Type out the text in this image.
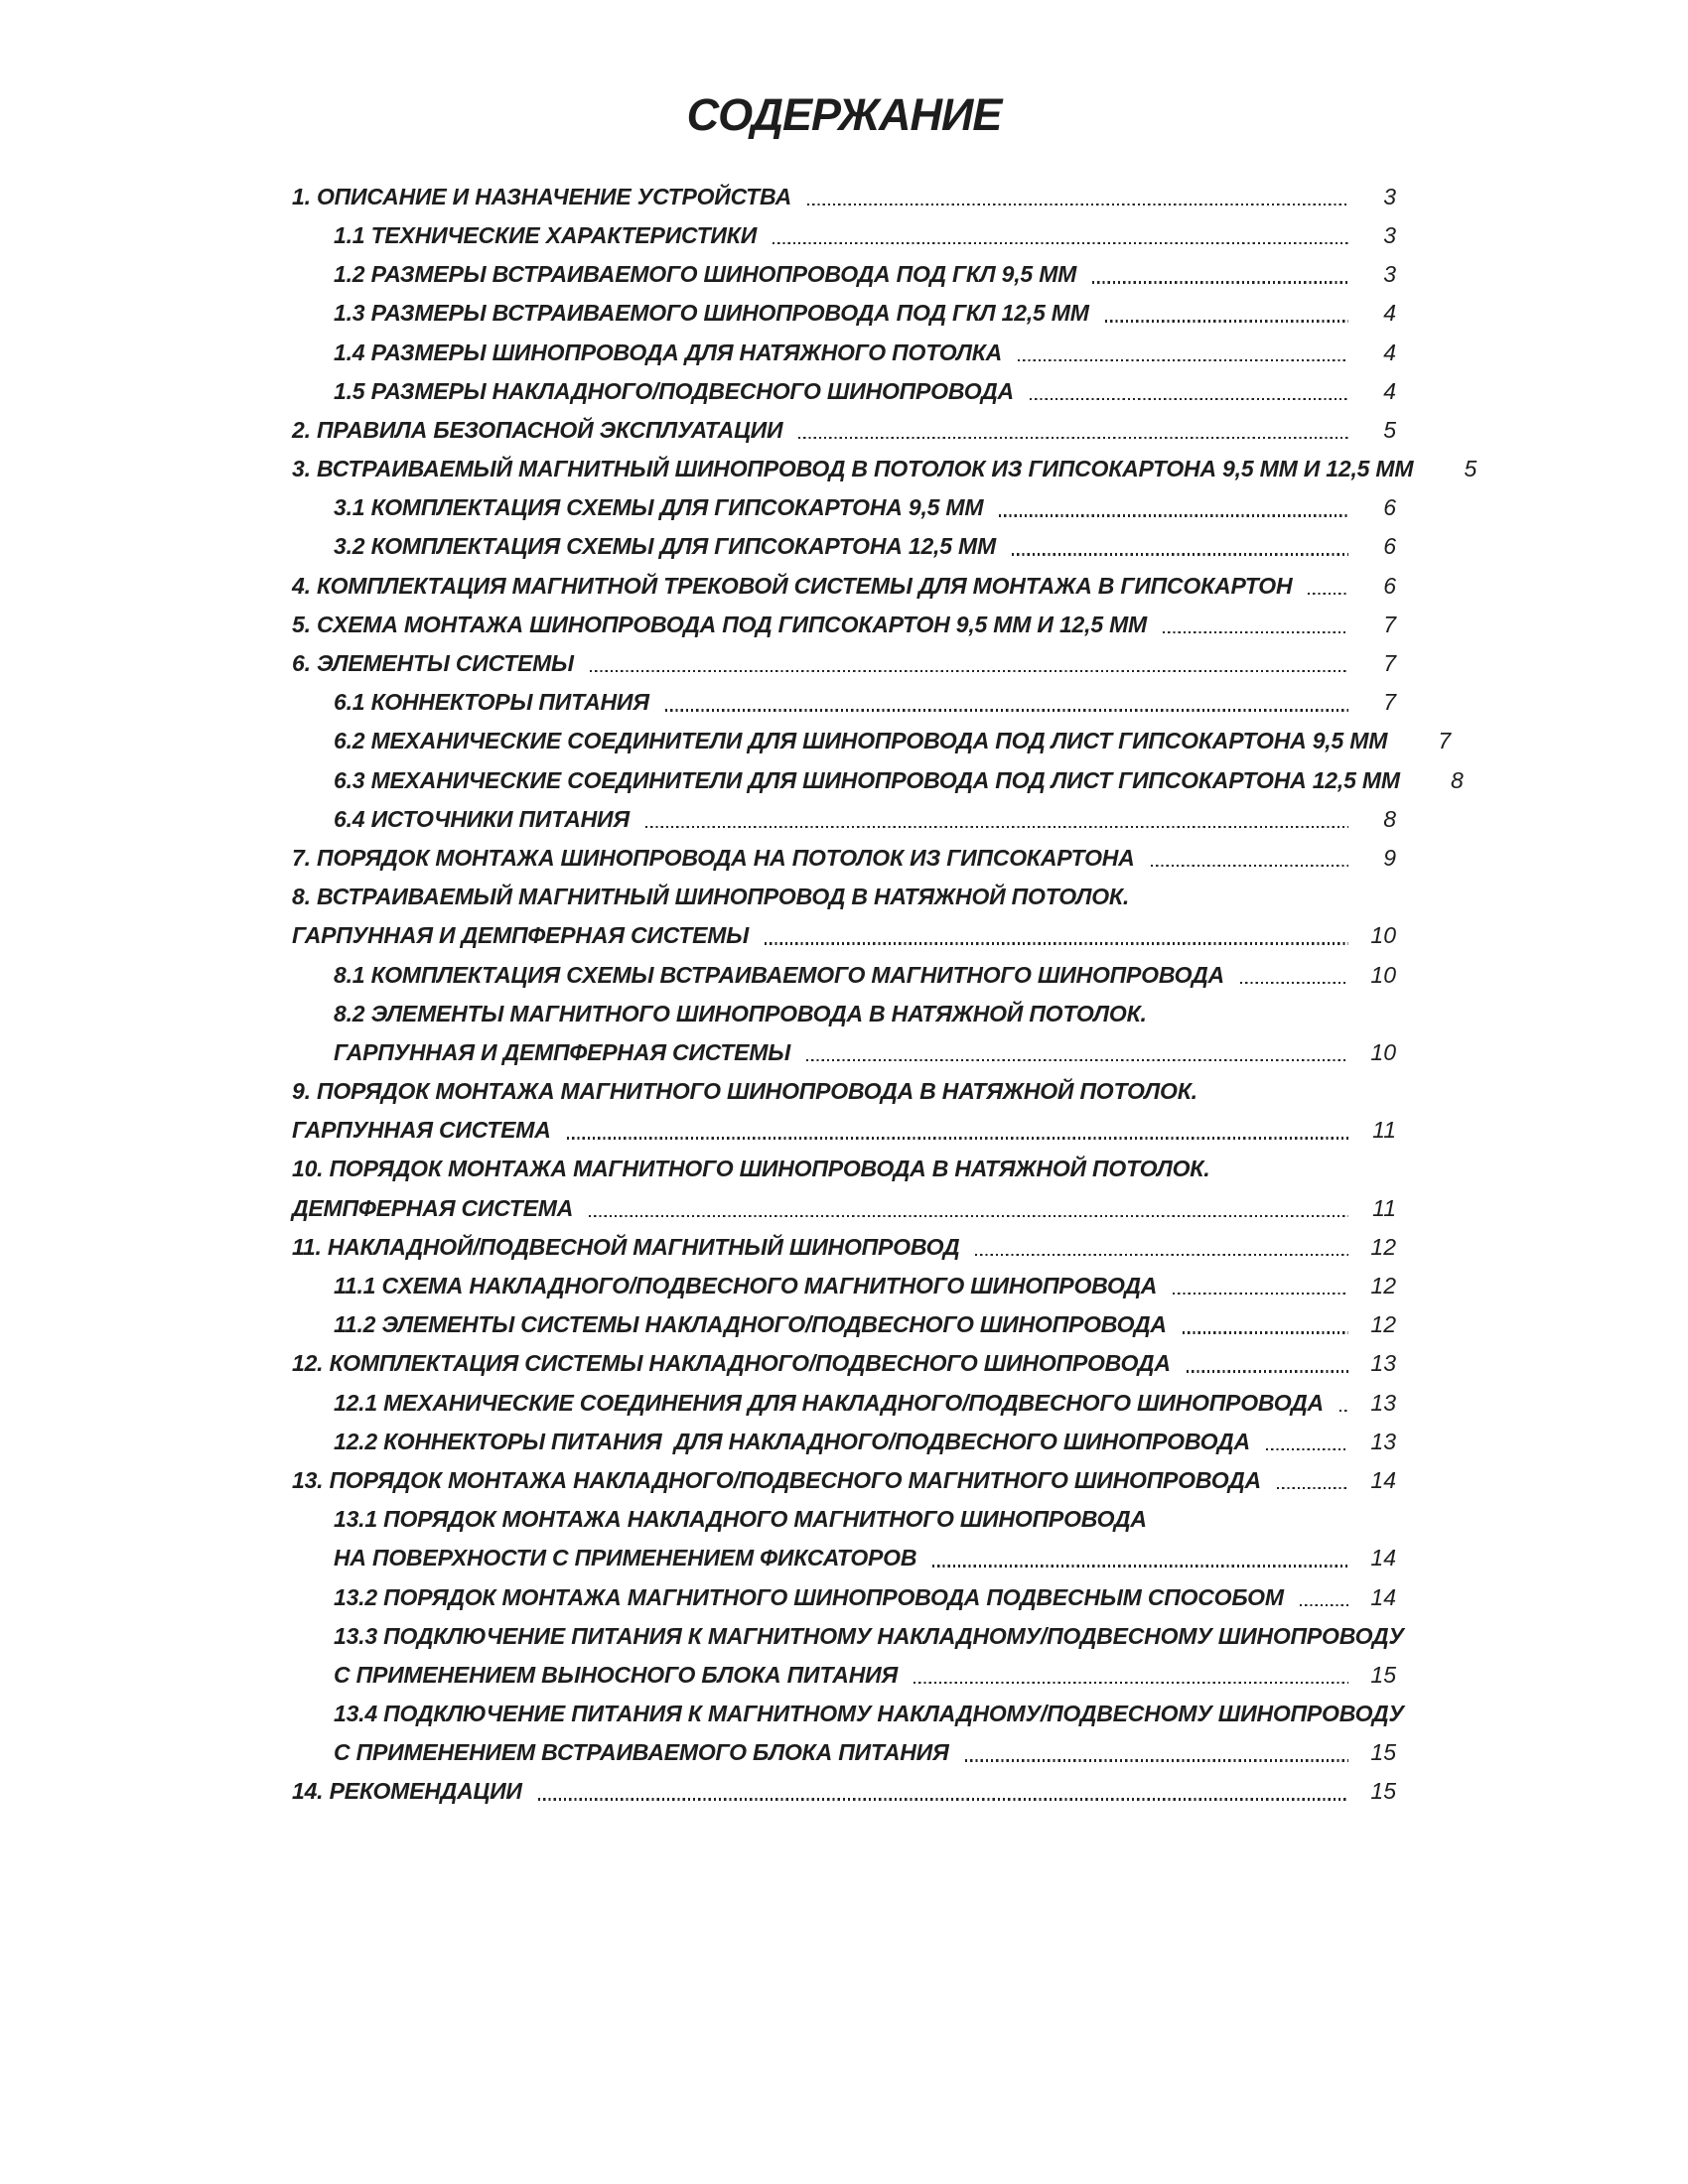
СОДЕРЖАНИЕ
1. ОПИСАНИЕ И НАЗНАЧЕНИЕ УСТРОЙСТВА	3
1.1 ТЕХНИЧЕСКИЕ ХАРАКТЕРИСТИКИ	3
1.2 РАЗМЕРЫ ВСТРАИВАЕМОГО ШИНОПРОВОДА ПОД ГКЛ 9,5 ММ	3
1.3 РАЗМЕРЫ ВСТРАИВАЕМОГО ШИНОПРОВОДА ПОД ГКЛ 12,5 ММ	4
1.4 РАЗМЕРЫ ШИНОПРОВОДА ДЛЯ НАТЯЖНОГО ПОТОЛКА	4
1.5 РАЗМЕРЫ НАКЛАДНОГО/ПОДВЕСНОГО ШИНОПРОВОДА	4
2. ПРАВИЛА БЕЗОПАСНОЙ ЭКСПЛУАТАЦИИ	5
3. ВСТРАИВАЕМЫЙ МАГНИТНЫЙ ШИНОПРОВОД В ПОТОЛОК ИЗ ГИПСОКАРТОНА 9,5 ММ И 12,5 ММ	5
3.1 КОМПЛЕКТАЦИЯ СХЕМЫ ДЛЯ ГИПСОКАРТОНА 9,5 ММ	6
3.2 КОМПЛЕКТАЦИЯ СХЕМЫ ДЛЯ ГИПСОКАРТОНА 12,5 ММ	6
4. КОМПЛЕКТАЦИЯ МАГНИТНОЙ ТРЕКОВОЙ СИСТЕМЫ ДЛЯ МОНТАЖА В ГИПСОКАРТОН	6
5. СХЕМА МОНТАЖА ШИНОПРОВОДА ПОД ГИПСОКАРТОН 9,5 ММ И 12,5 ММ	7
6. ЭЛЕМЕНТЫ СИСТЕМЫ	7
6.1 КОННЕКТОРЫ ПИТАНИЯ	7
6.2 МЕХАНИЧЕСКИЕ СОЕДИНИТЕЛИ ДЛЯ ШИНОПРОВОДА ПОД ЛИСТ ГИПСОКАРТОНА 9,5 ММ	7
6.3 МЕХАНИЧЕСКИЕ СОЕДИНИТЕЛИ ДЛЯ ШИНОПРОВОДА ПОД ЛИСТ ГИПСОКАРТОНА 12,5 ММ	8
6.4 ИСТОЧНИКИ ПИТАНИЯ	8
7. ПОРЯДОК МОНТАЖА ШИНОПРОВОДА НА ПОТОЛОК ИЗ ГИПСОКАРТОНА	9
8. ВСТРАИВАЕМЫЙ МАГНИТНЫЙ ШИНОПРОВОД В НАТЯЖНОЙ ПОТОЛОК.
ГАРПУННАЯ И ДЕМПФЕРНАЯ СИСТЕМЫ	10
8.1 КОМПЛЕКТАЦИЯ СХЕМЫ ВСТРАИВАЕМОГО МАГНИТНОГО ШИНОПРОВОДА	10
8.2 ЭЛЕМЕНТЫ МАГНИТНОГО ШИНОПРОВОДА В НАТЯЖНОЙ ПОТОЛОК.
ГАРПУННАЯ И ДЕМПФЕРНАЯ СИСТЕМЫ	10
9. ПОРЯДОК МОНТАЖА МАГНИТНОГО ШИНОПРОВОДА В НАТЯЖНОЙ ПОТОЛОК.
ГАРПУННАЯ СИСТЕМА	11
10. ПОРЯДОК МОНТАЖА МАГНИТНОГО ШИНОПРОВОДА В НАТЯЖНОЙ ПОТОЛОК.
ДЕМПФЕРНАЯ СИСТЕМА	11
11. НАКЛАДНОЙ/ПОДВЕСНОЙ МАГНИТНЫЙ ШИНОПРОВОД	12
11.1 СХЕМА НАКЛАДНОГО/ПОДВЕСНОГО МАГНИТНОГО ШИНОПРОВОДА	12
11.2 ЭЛЕМЕНТЫ СИСТЕМЫ НАКЛАДНОГО/ПОДВЕСНОГО ШИНОПРОВОДА	12
12. КОМПЛЕКТАЦИЯ СИСТЕМЫ НАКЛАДНОГО/ПОДВЕСНОГО ШИНОПРОВОДА	13
12.1 МЕХАНИЧЕСКИЕ СОЕДИНЕНИЯ ДЛЯ НАКЛАДНОГО/ПОДВЕСНОГО ШИНОПРОВОДА	13
12.2 КОННЕКТОРЫ ПИТАНИЯ  ДЛЯ НАКЛАДНОГО/ПОДВЕСНОГО ШИНОПРОВОДА	13
13. ПОРЯДОК МОНТАЖА НАКЛАДНОГО/ПОДВЕСНОГО МАГНИТНОГО ШИНОПРОВОДА	14
13.1 ПОРЯДОК МОНТАЖА НАКЛАДНОГО МАГНИТНОГО ШИНОПРОВОДА
НА ПОВЕРХНОСТИ С ПРИМЕНЕНИЕМ ФИКСАТОРОВ	14
13.2 ПОРЯДОК МОНТАЖА МАГНИТНОГО ШИНОПРОВОДА ПОДВЕСНЫМ СПОСОБОМ	14
13.3 ПОДКЛЮЧЕНИЕ ПИТАНИЯ К МАГНИТНОМУ НАКЛАДНОМУ/ПОДВЕСНОМУ ШИНОПРОВОДУ
С ПРИМЕНЕНИЕМ ВЫНОСНОГО БЛОКА ПИТАНИЯ	15
13.4 ПОДКЛЮЧЕНИЕ ПИТАНИЯ К МАГНИТНОМУ НАКЛАДНОМУ/ПОДВЕСНОМУ ШИНОПРОВОДУ
С ПРИМЕНЕНИЕМ ВСТРАИВАЕМОГО БЛОКА ПИТАНИЯ	15
14. РЕКОМЕНДАЦИИ	15
